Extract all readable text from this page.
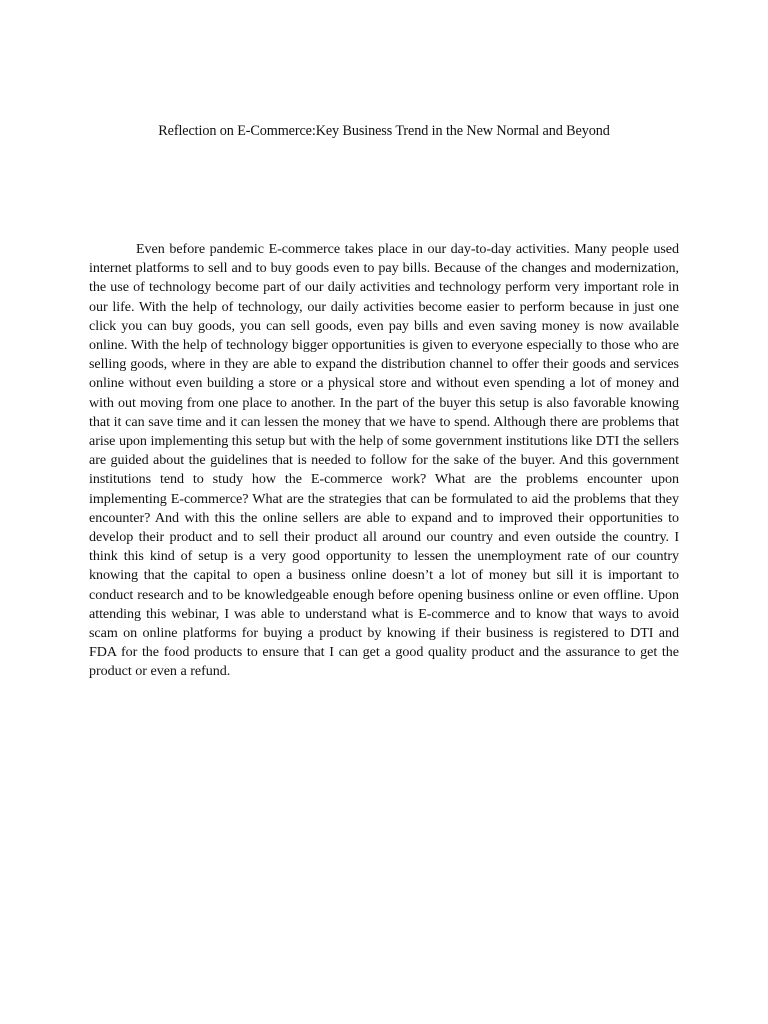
Reflection on E-Commerce:Key Business Trend in the New Normal and Beyond

Even before pandemic E-commerce takes place in our day-to-day activities. Many people used internet platforms to sell and to buy goods even to pay bills. Because of the changes and modernization, the use of technology become part of our daily activities and technology perform very important role in our life. With the help of technology, our daily activities become easier to perform because in just one click you can buy goods, you can sell goods, even pay bills and even saving money is now available online. With the help of technology bigger opportunities is given to everyone especially to those who are selling goods, where in they are able to expand the distribution channel to offer their goods and services online without even building a store or a physical store and without even spending a lot of money and with out moving from one place to another. In the part of the buyer this setup is also favorable knowing that it can save time and it can lessen the money that we have to spend. Although there are problems that arise upon implementing this setup but with the help of some government institutions like DTI the sellers are guided about the guidelines that is needed to follow for the sake of the buyer. And this government institutions tend to study how the E-commerce work? What are the problems encounter upon implementing E-commerce? What are the strategies that can be formulated to aid the problems that they encounter? And with this the online sellers are able to expand and to improved their opportunities to develop their product and to sell their product all around our country and even outside the country. I think this kind of setup is a very good opportunity to lessen the unemployment rate of our country knowing that the capital to open a business online doesn’t a lot of money but sill it is important to conduct research and to be knowledgeable enough before opening business online or even offline. Upon attending this webinar, I was able to understand what is E-commerce and to know that ways to avoid scam on online platforms for buying a product by knowing if their business is registered to DTI and FDA for the food products to ensure that I can get a good quality product and the assurance to get the product or even a refund.
